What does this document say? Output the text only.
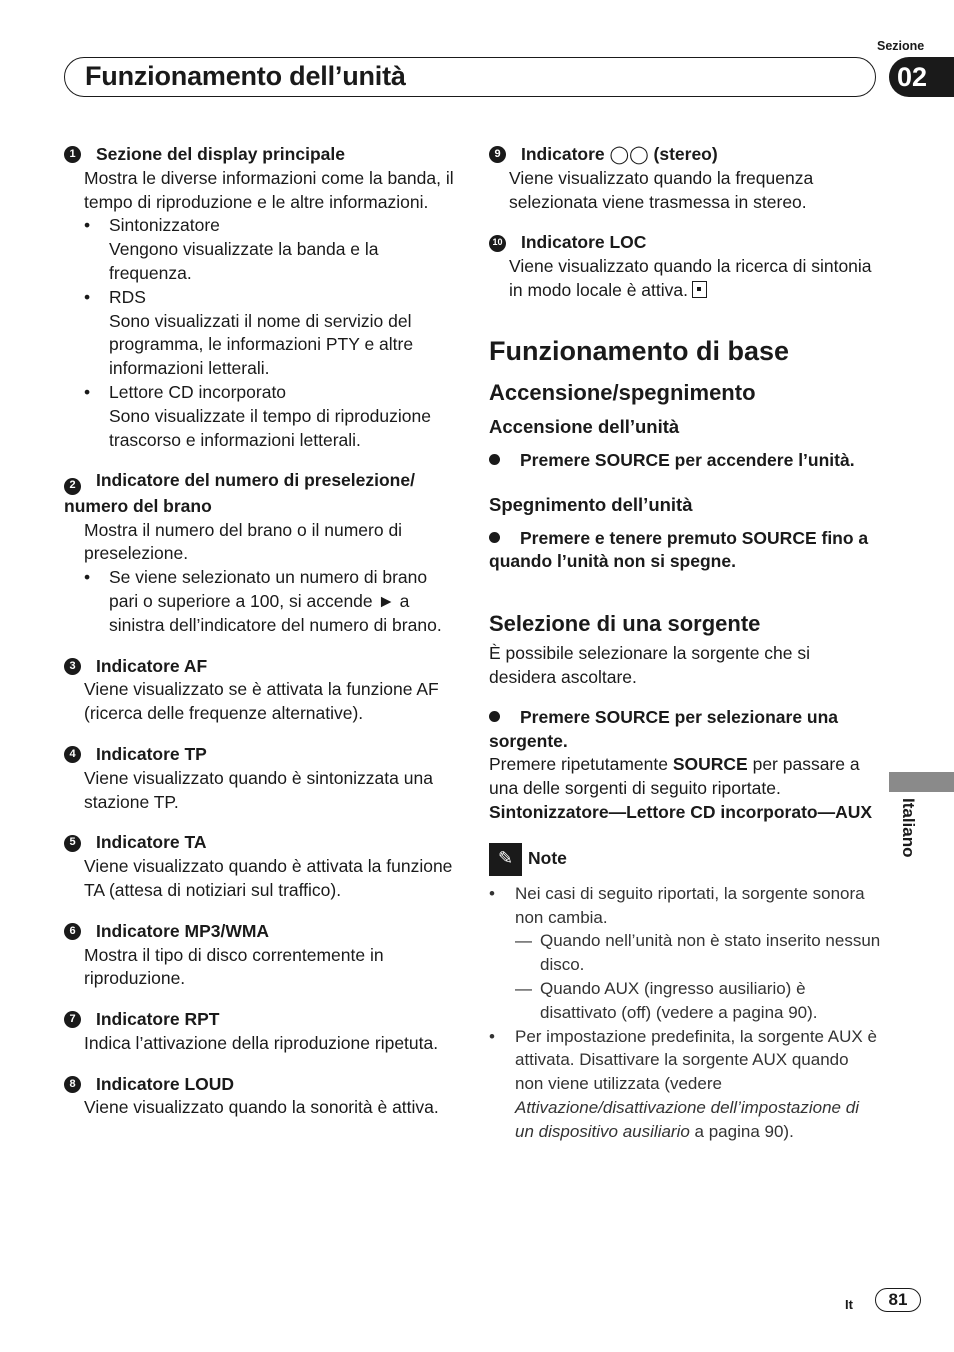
Sezione
Funzionamento dell’unità	02
1	Sezione del display principale
Mostra le diverse informazioni come la banda, il tempo di riproduzione e le altre informazioni.
•	Sintonizzatore
Vengono visualizzate la banda e la frequenza.
•	RDS
Sono visualizzati il nome di servizio del programma, le informazioni PTY e altre informazioni letterali.
•	Lettore CD incorporato
Sono visualizzate il tempo di riproduzione trascorso e informazioni letterali.
2 Indicatore del numero di preselezione/ numero del brano
Mostra il numero del brano o il numero di preselezione.
•	Se viene selezionato un numero di brano pari o superiore a 100, si accende ► a sinistra dell’indicatore del numero di brano.
3	Indicatore AF
Viene visualizzato se è attivata la funzione AF (ricerca delle frequenze alternative).
4	Indicatore TP
Viene visualizzato quando è sintonizzata una stazione TP.
5	Indicatore TA
Viene visualizzato quando è attivata la funzione TA (attesa di notiziari sul traffico).
6	Indicatore MP3/WMA
Mostra il tipo di disco correntemente in riproduzione.
7	Indicatore RPT
Indica l’attivazione della riproduzione ripetuta.
8	Indicatore LOUD
Viene visualizzato quando la sonorità è attiva.
9	Indicatore ◯◯ (stereo)
Viene visualizzato quando la frequenza selezionata viene trasmessa in stereo.
10 Indicatore LOC
Viene visualizzato quando la ricerca di sintonia in modo locale è attiva.
Funzionamento di base
Accensione/spegnimento
Accensione dell’unità
Premere SOURCE per accendere l’unità.
Spegnimento dell’unità
Premere e tenere premuto SOURCE fino a quando l’unità non si spegne.
Selezione di una sorgente
È possibile selezionare la sorgente che si desidera ascoltare.
Premere SOURCE per selezionare una sorgente.
Premere ripetutamente SOURCE per passare a una delle sorgenti di seguito riportate.
Sintonizzatore—Lettore CD incorporato—AUX
✎ Note
•	Nei casi di seguito riportati, la sorgente sonora non cambia.
— Quando nell’unità non è stato inserito nessun disco.
— Quando AUX (ingresso ausiliario) è disattivato (off) (vedere a pagina 90).
•	Per impostazione predefinita, la sorgente AUX è attivata. Disattivare la sorgente AUX quando non viene utilizzata (vedere Attivazione/disattivazione dell’impostazione di un dispositivo ausiliario a pagina 90).
Italiano
It	81
